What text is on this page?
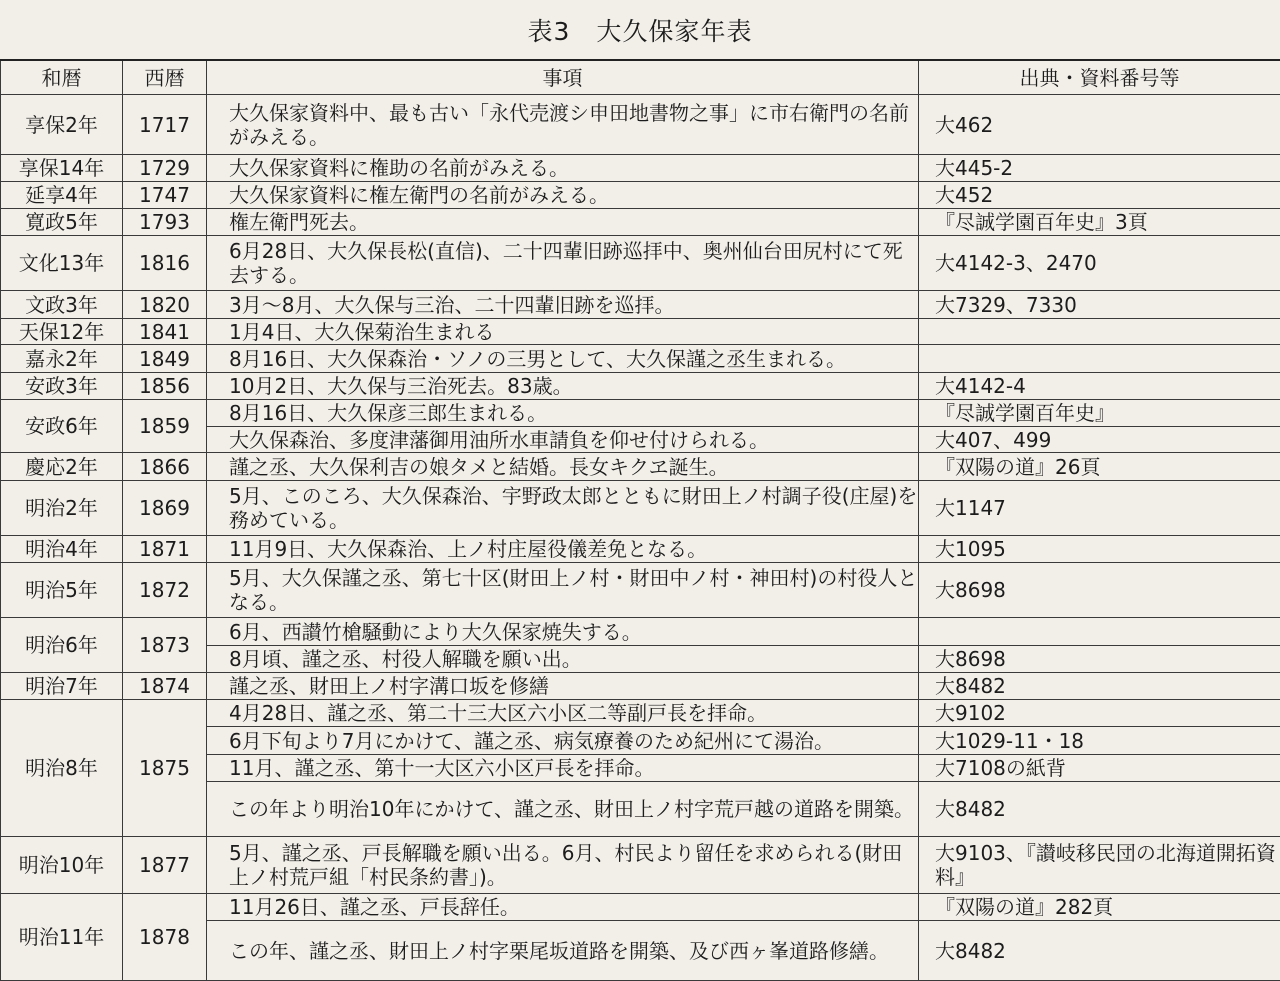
表3　大久保家年表
和暦	西暦	事項	出典・資料番号等
享保2年	1717	大久保家資料中、最も古い「永代売渡シ申田地書物之事」に市右衛門の名前がみえる。	大462

享保14年	1729	大久保家資料に権助の名前がみえる。	大445-2

延享4年	1747	大久保家資料に権左衛門の名前がみえる。	大452

寛政5年	1793	権左衛門死去。	『尽誠学園百年史』3頁

文化13年	1816	6月28日、大久保長松(直信)、二十四輩旧跡巡拝中、奥州仙台田尻村にて死去する。	大4142-3、2470

文政3年	1820	3月～8月、大久保与三治、二十四輩旧跡を巡拝。	大7329、7330

天保12年	1841	1月4日、大久保菊治生まれる	

嘉永2年	1849	8月16日、大久保森治・ソノの三男として、大久保謹之丞生まれる。	

安政3年	1856	10月2日、大久保与三治死去。83歳。	大4142-4

安政6年	1859	8月16日、大久保彦三郎生まれる。	『尽誠学園百年史』

		大久保森治、多度津藩御用油所水車請負を仰せ付けられる。	大407、499

慶応2年	1866	謹之丞、大久保利吉の娘タメと結婚。長女キクヱ誕生。	『双陽の道』26頁

明治2年	1869	5月、このころ、大久保森治、宇野政太郎とともに財田上ノ村調子役(庄屋)を務めている。	大1147

明治4年	1871	11月9日、大久保森治、上ノ村庄屋役儀差免となる。	大1095

明治5年	1872	5月、大久保謹之丞、第七十区(財田上ノ村・財田中ノ村・神田村)の村役人となる。	大8698

明治6年	1873	6月、西讃竹槍騒動により大久保家焼失する。	

		8月頃、謹之丞、村役人解職を願い出。	大8698

明治7年	1874	謹之丞、財田上ノ村字溝口坂を修繕	大8482

明治8年	1875	4月28日、謹之丞、第二十三大区六小区二等副戸長を拝命。	大9102

		6月下旬より7月にかけて、謹之丞、病気療養のため紀州にて湯治。	大1029-11・18

		11月、謹之丞、第十一大区六小区戸長を拝命。	大7108の紙背

		この年より明治10年にかけて、謹之丞、財田上ノ村字荒戸越の道路を開築。	大8482

明治10年	1877	5月、謹之丞、戸長解職を願い出る。6月、村民より留任を求められる(財田上ノ村荒戸組「村民条約書」)。	大9103、『讃岐移民団の北海道開拓資料』

明治11年	1878	11月26日、謹之丞、戸長辞任。	『双陽の道』282頁

		この年、謹之丞、財田上ノ村字栗尾坂道路を開築、及び西ヶ峯道路修繕。	大8482
